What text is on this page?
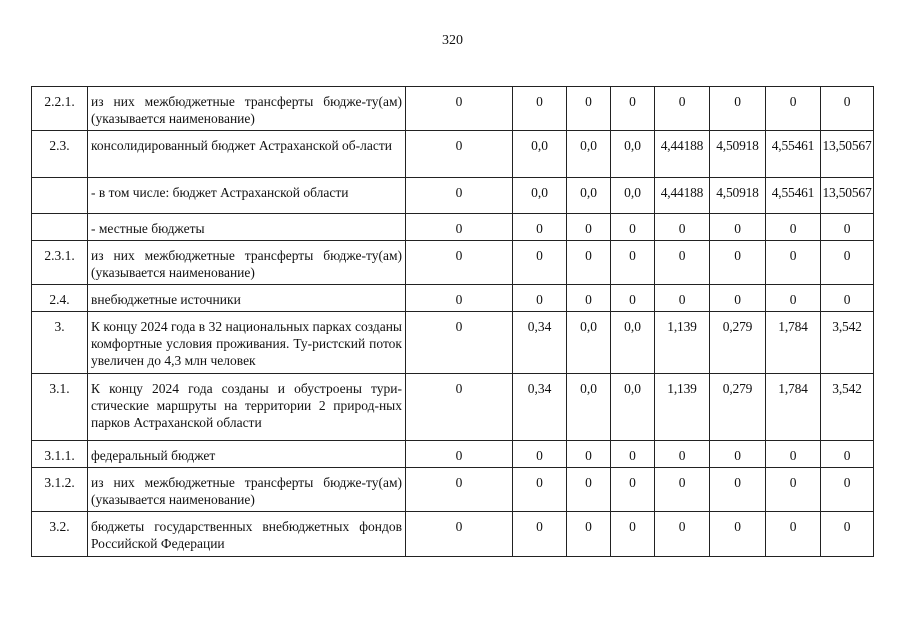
320
2.2.1.	из них межбюджетные трансферты бюдже-ту(ам) (указывается наименование)	0	0	0	0	0	0	0	0
2.3.	консолидированный бюджет Астраханской об-ласти	0	0,0	0,0	0,0	4,44188	4,50918	4,55461	13,50567
	- в том числе: бюджет Астраханской области	0	0,0	0,0	0,0	4,44188	4,50918	4,55461	13,50567
	- местные бюджеты	0	0	0	0	0	0	0	0
2.3.1.	из них межбюджетные трансферты бюдже-ту(ам) (указывается наименование)	0	0	0	0	0	0	0	0
2.4.	внебюджетные источники	0	0	0	0	0	0	0	0
3.	К концу 2024 года в 32 национальных парках созданы комфортные условия проживания. Ту-ристский поток увеличен до 4,3 млн человек	0	0,34	0,0	0,0	1,139	0,279	1,784	3,542
3.1.	К концу 2024 года созданы и обустроены тури-стические маршруты на территории 2 природ-ных парков Астраханской области	0	0,34	0,0	0,0	1,139	0,279	1,784	3,542
3.1.1.	федеральный бюджет	0	0	0	0	0	0	0	0
3.1.2.	из них межбюджетные трансферты бюдже-ту(ам) (указывается наименование)	0	0	0	0	0	0	0	0
3.2.	бюджеты государственных внебюджетных фондов Российской Федерации	0	0	0	0	0	0	0	0
